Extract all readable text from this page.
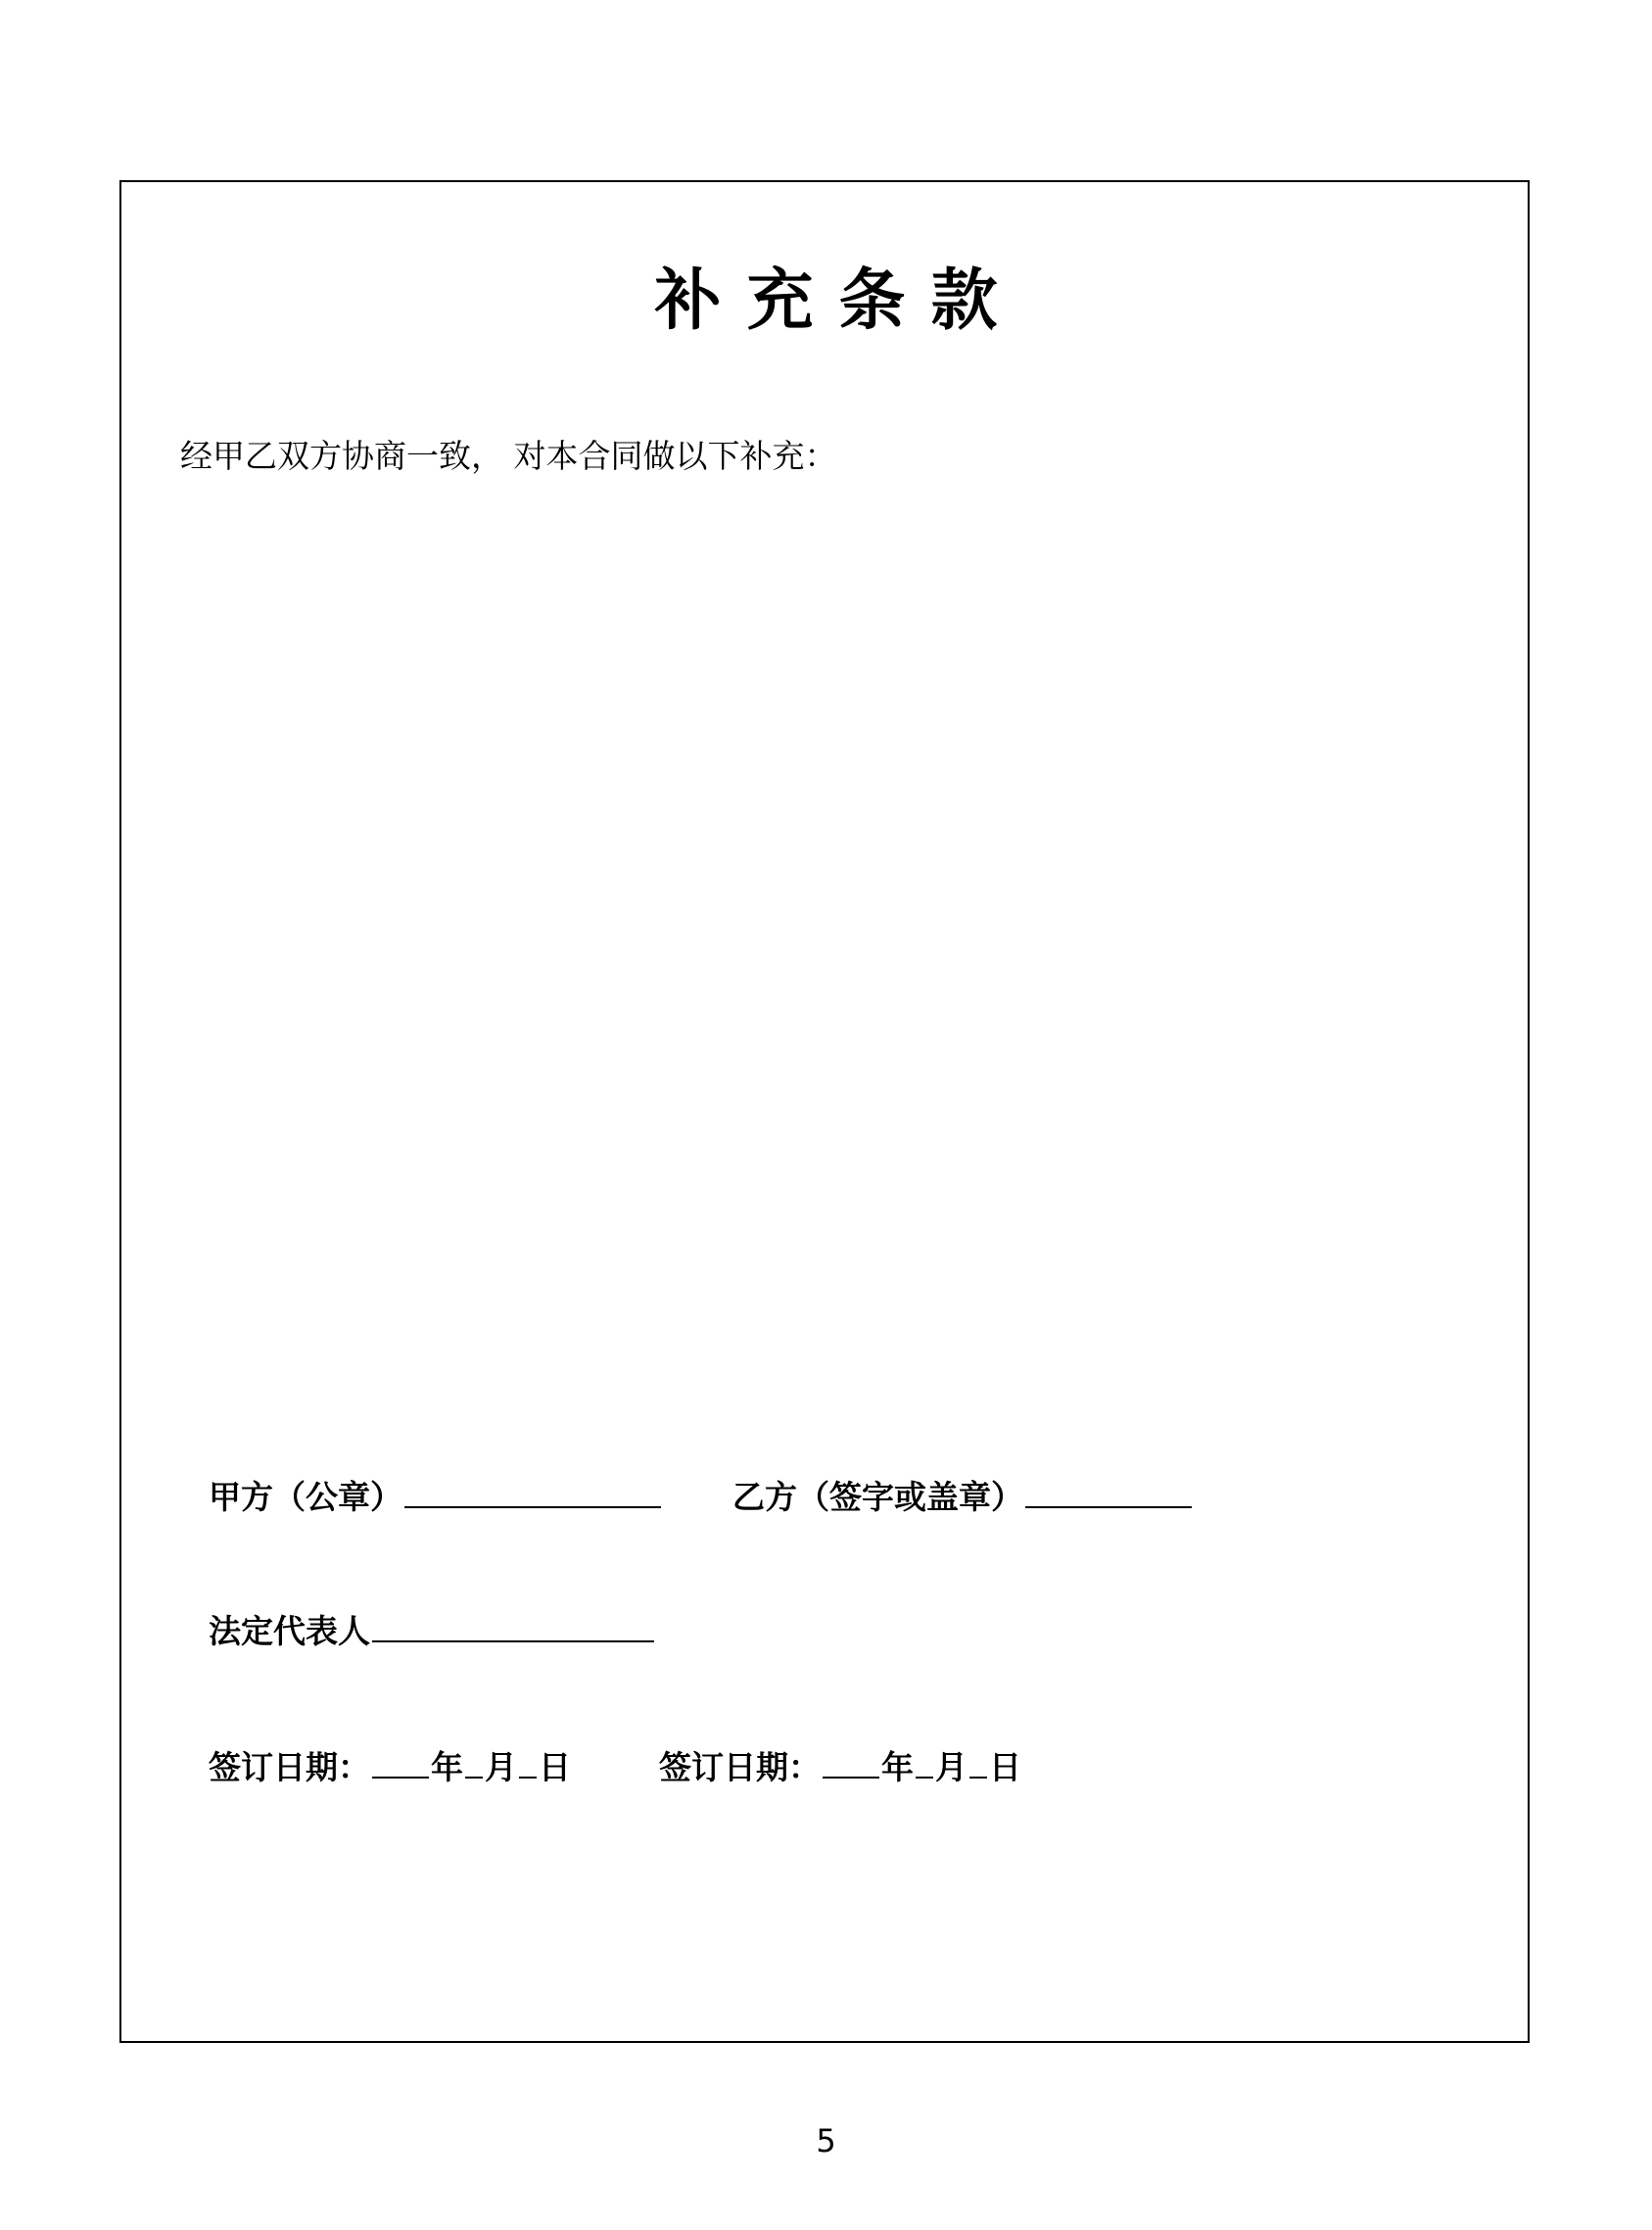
补充条款
经甲乙双方协商一致， 对本合同做以下补充：
甲方（公章）	乙方（签字或盖章）
法定代表人
签订日期： 年 月 日	签订日期： 年 月 日
5
